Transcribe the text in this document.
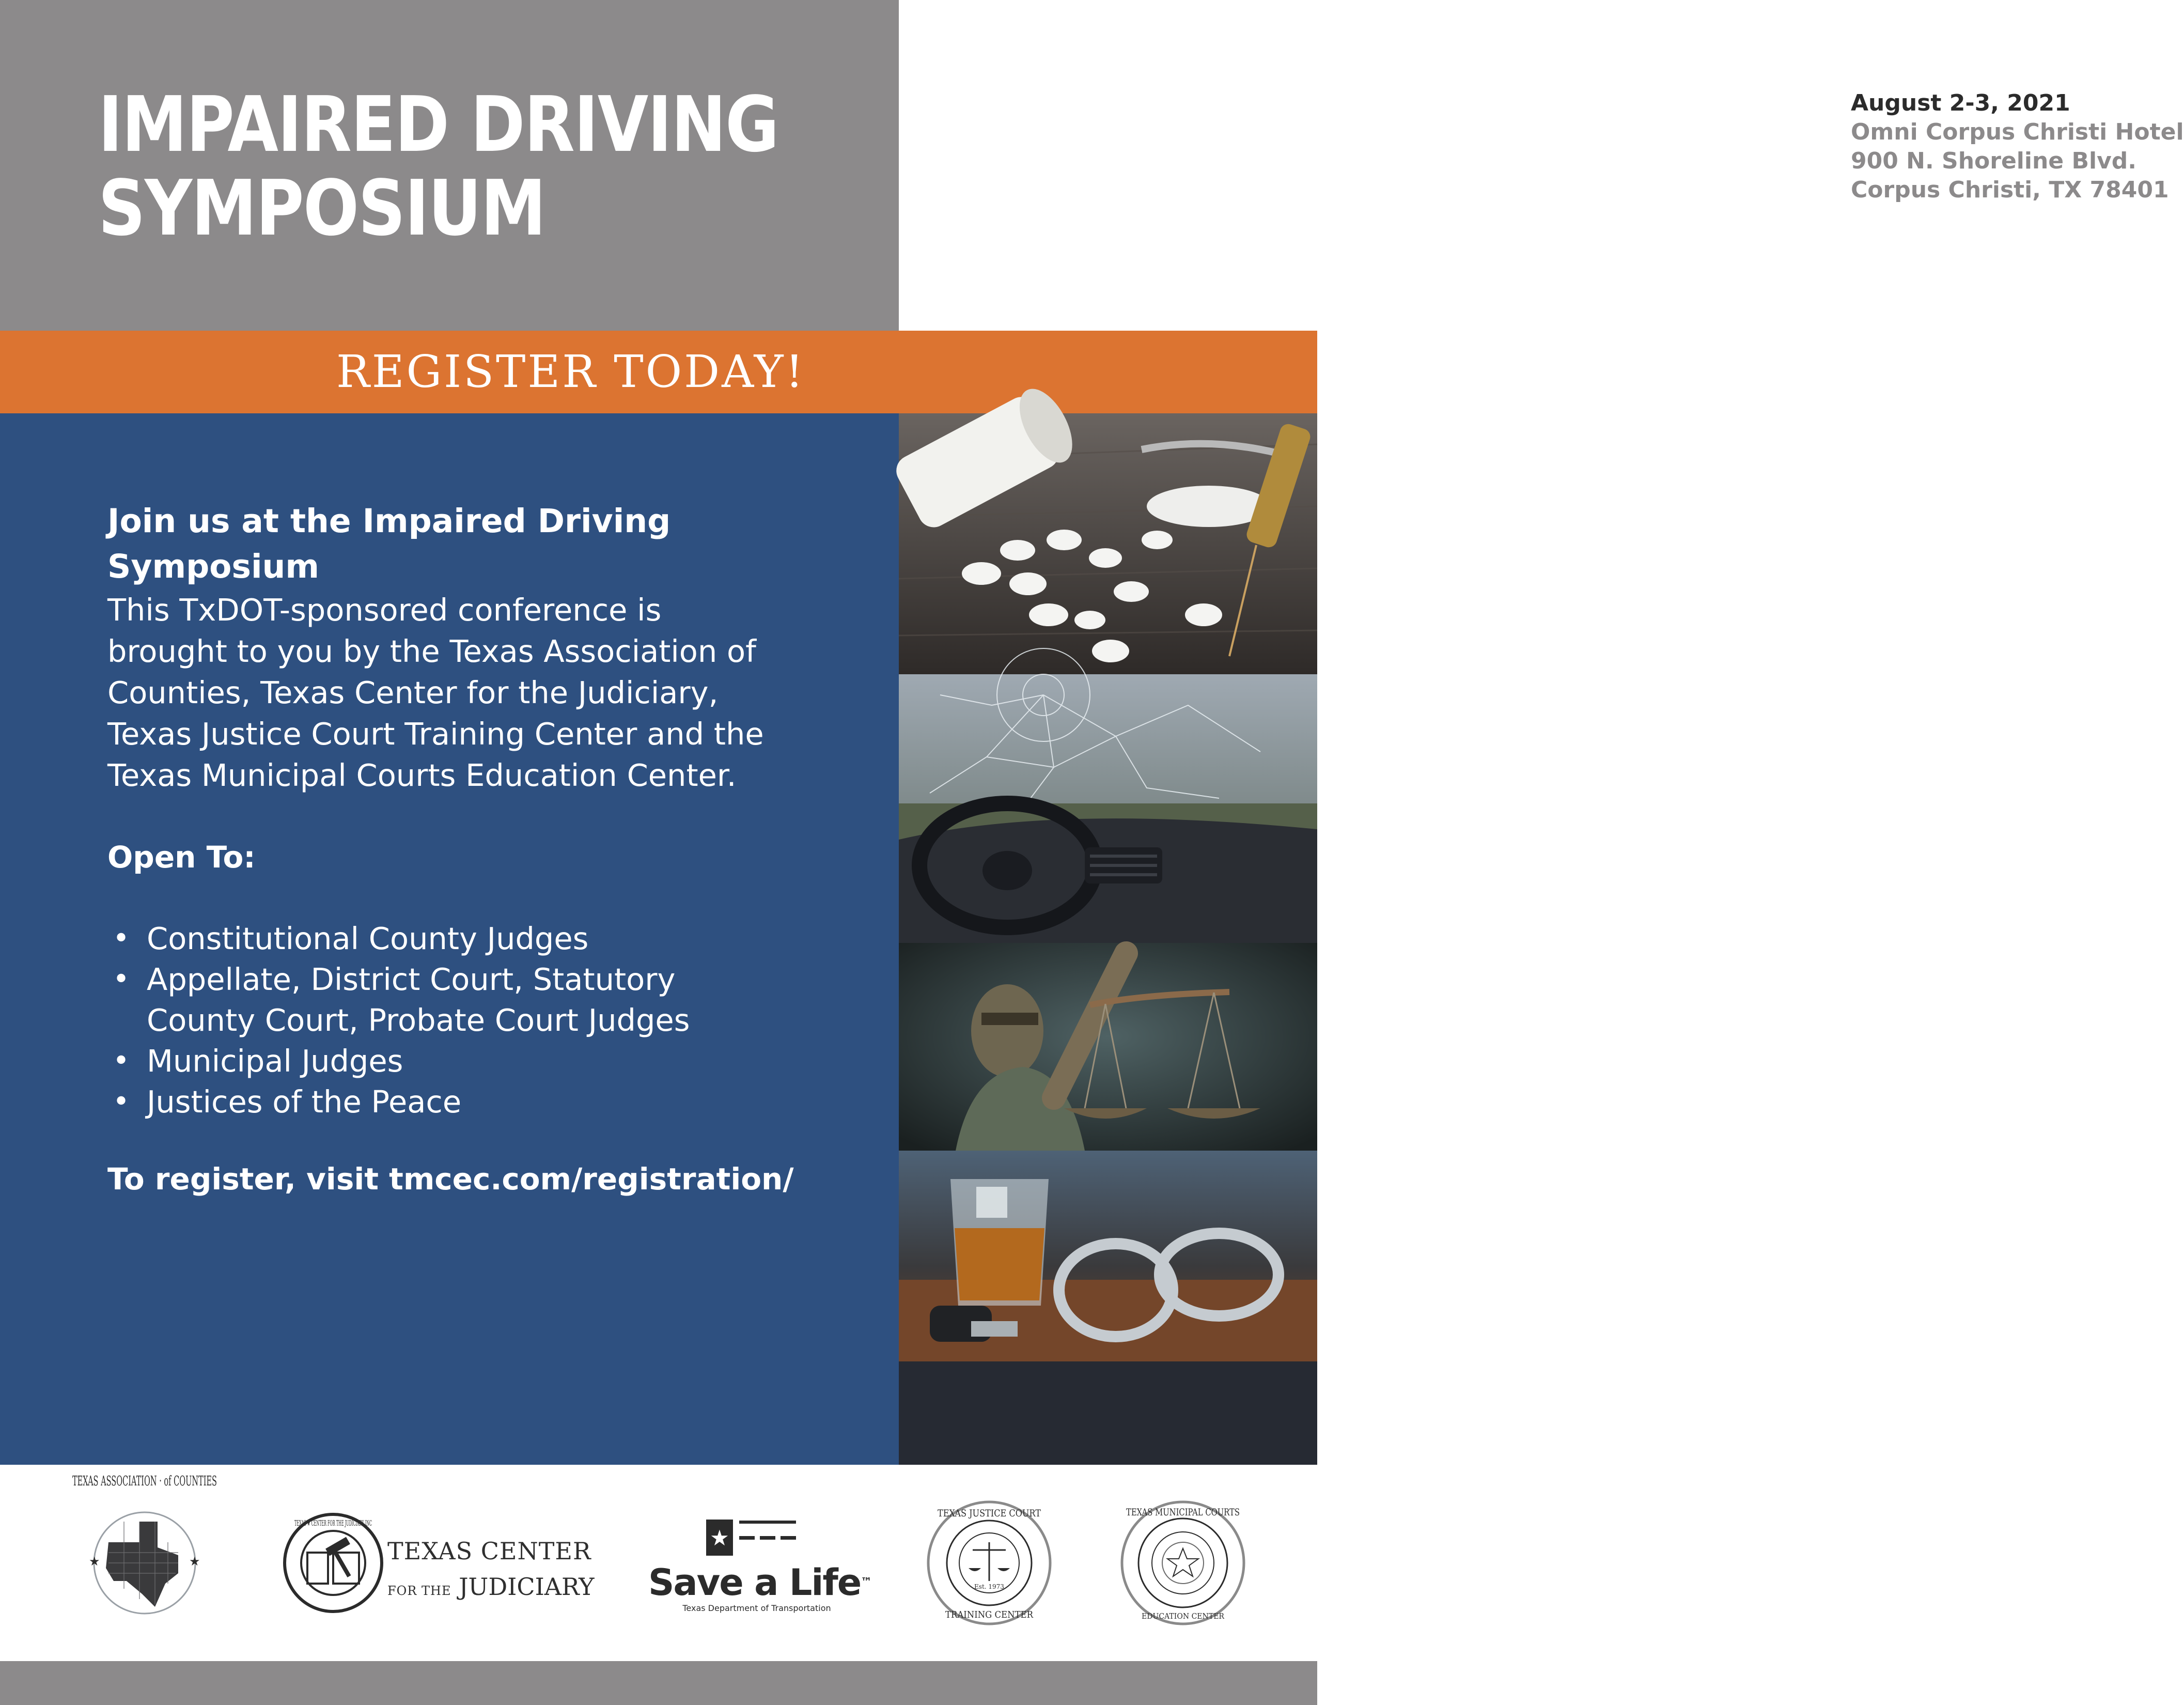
IMPAIRED DRIVING
SYMPOSIUM
August 2-3, 2021
Omni Corpus Christi Hotel
900 N. Shoreline Blvd.
Corpus Christi, TX 78401
REGISTER TODAY!
Join us at the Impaired Driving
Symposium
This TxDOT-sponsored conference is
brought to you by the Texas Association of
Counties, Texas Center for the Judiciary,
Texas Justice Court Training Center and the
Texas Municipal Courts Education Center.
Open To:
• Constitutional County Judges
• Appellate, District Court, Statutory
County Court, Probate Court Judges
• Municipal Judges
• Justices of the Peace
To register, visit tmcec.com/registration/
TEXAS ASSOCIATION · of COUNTIES
★	★
TEXAS ★ CENTER FOR THE JUDICIARY INC
TEXAS CENTER
FOR THE JUDICIARY
★
Save a Life™
Texas Department of Transportation
TEXAS JUSTICE COURT
TRAINING CENTER
Est. 1973
TEXAS MUNICIPAL COURTS
EDUCATION CENTER
